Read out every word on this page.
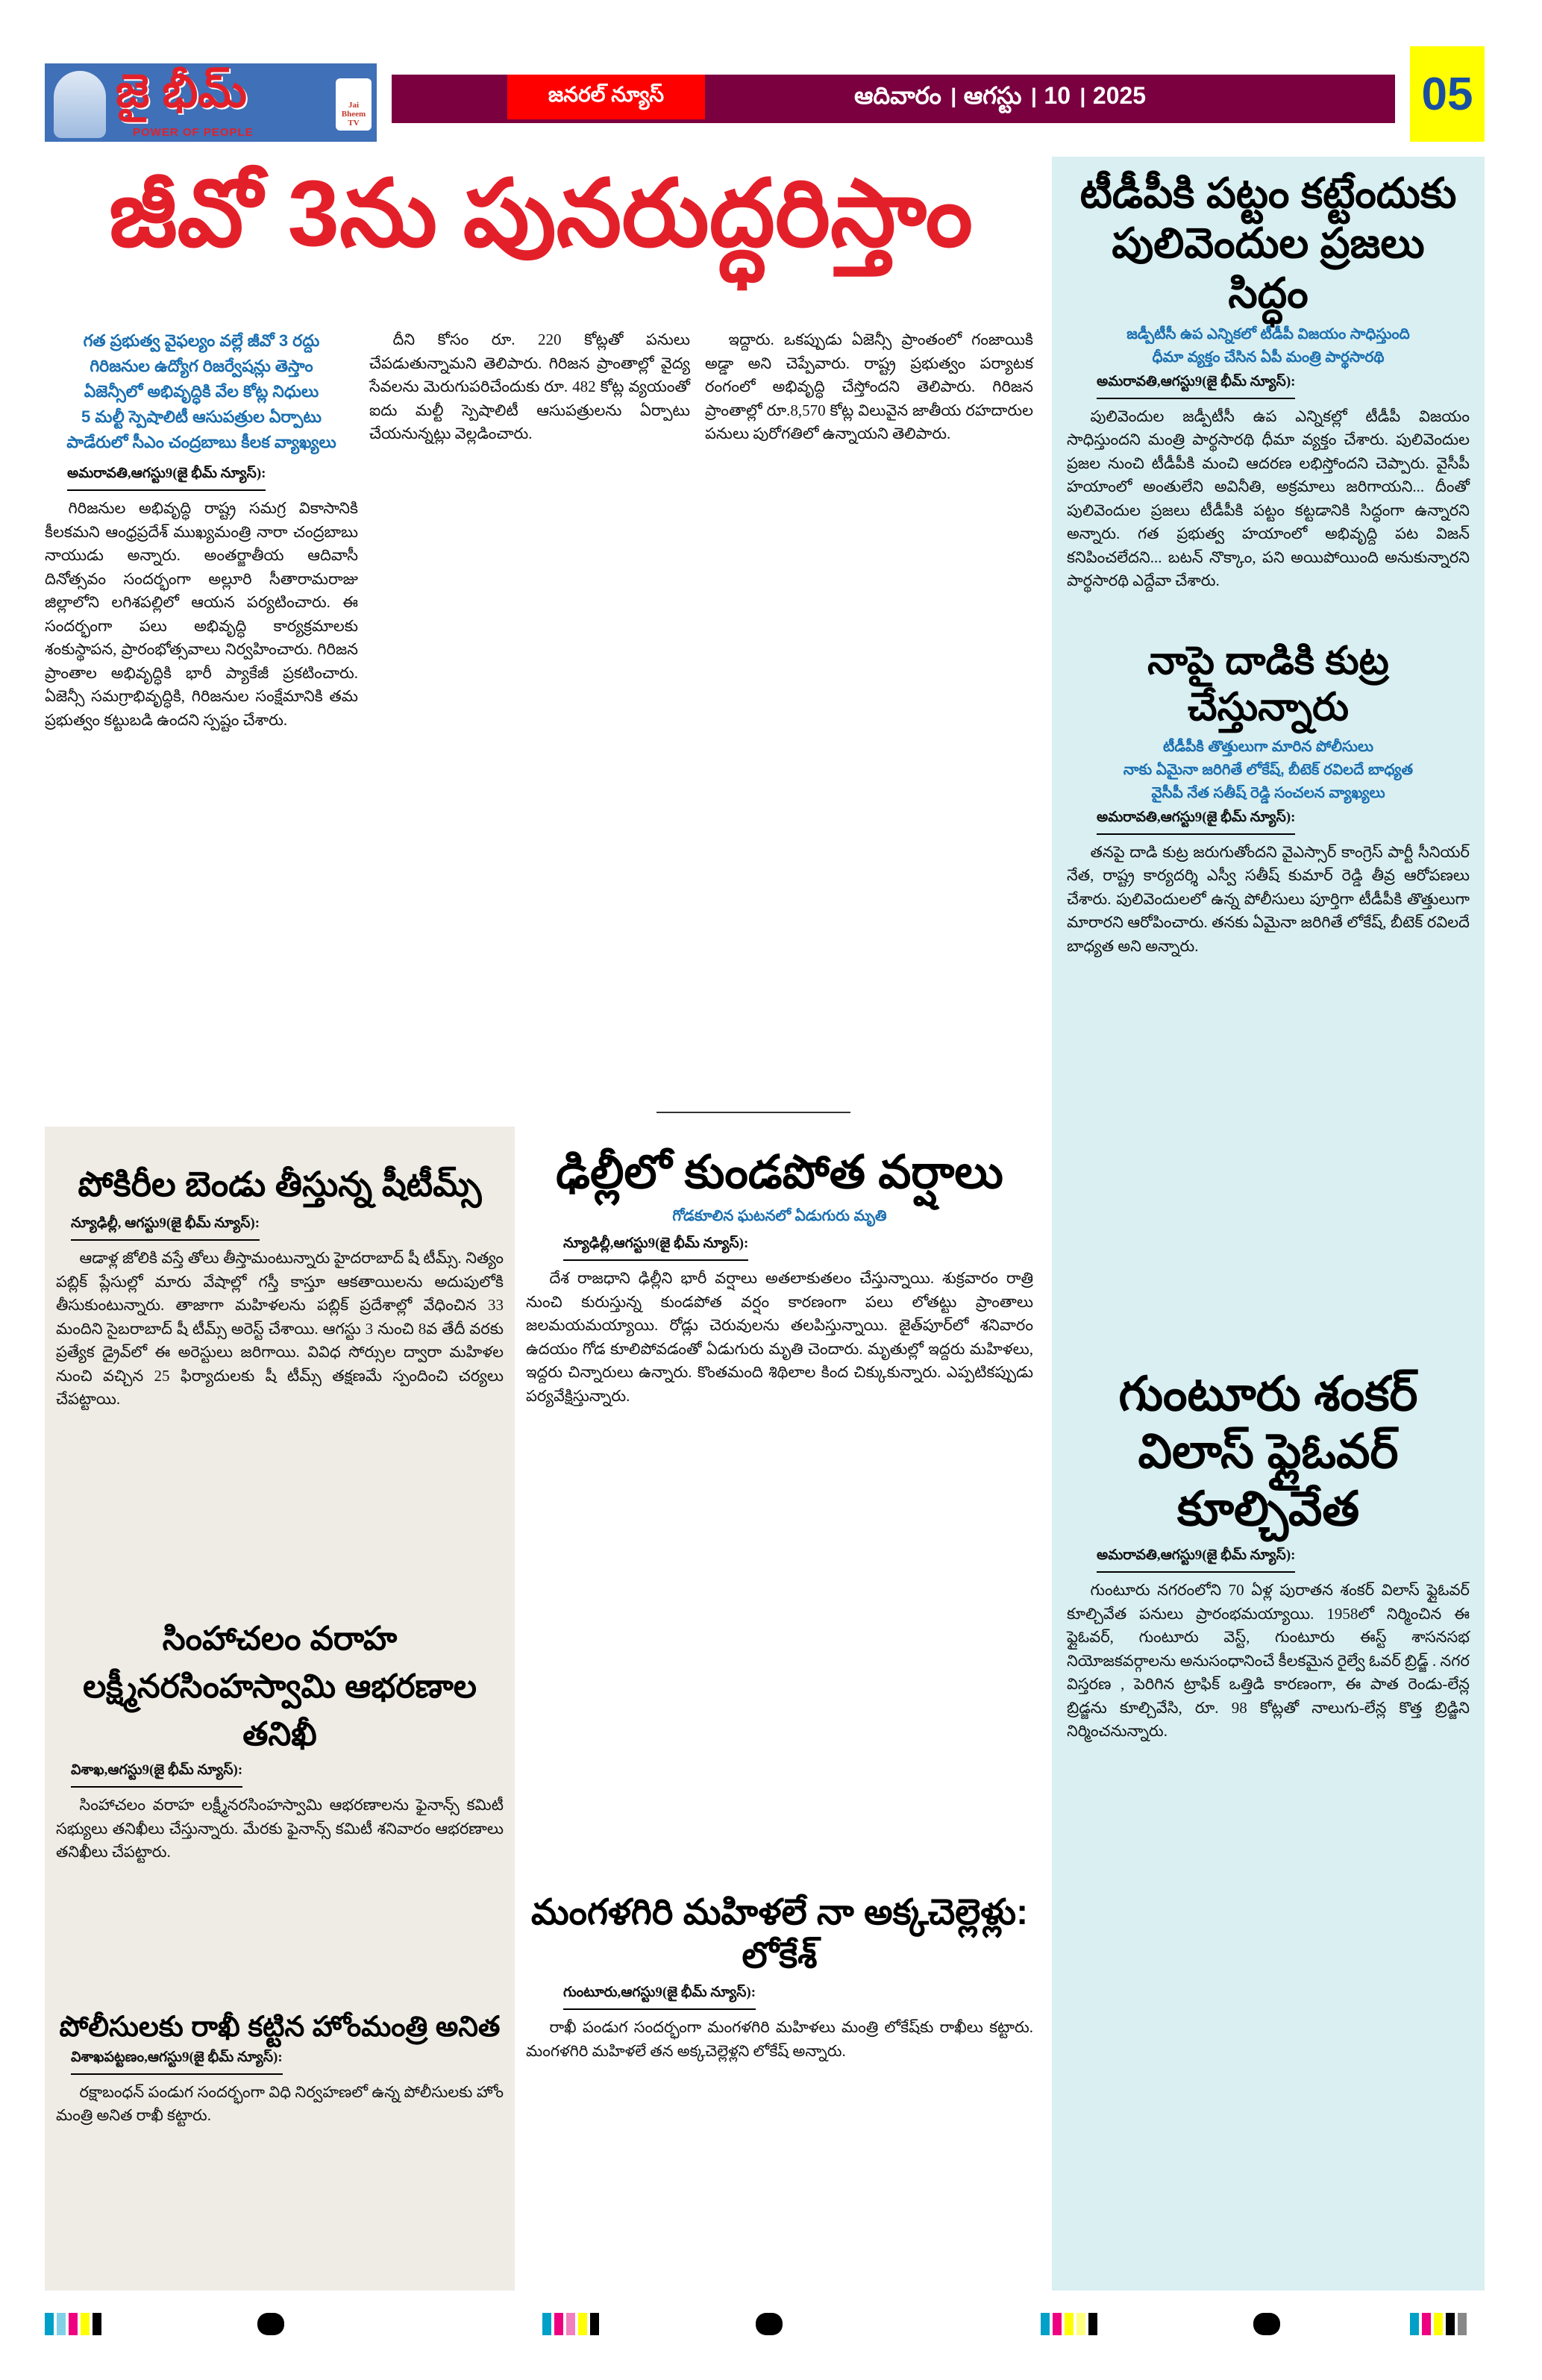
జై భీమ్
POWER OF PEOPLE
Jai Bheem TV
జనరల్ న్యూస్	ఆదివారం । ఆగస్టు । 10 । 2025	05
జీవో 3ను పునరుద్ధరిస్తాం
గత ప్రభుత్వ వైఫల్యం వల్లే జీవో 3 రద్దు
గిరిజనుల ఉద్యోగ రిజర్వేషన్లు తెస్తాం
ఏజెన్సీలో అభివృద్ధికి వేల కోట్ల నిధులు
5 మల్టీ స్పెషాలిటీ ఆసుపత్రుల ఏర్పాటు
పాడేరులో సీఎం చంద్రబాబు కీలక వ్యాఖ్యలు
అమరావతి,ఆగస్టు9(జై భీమ్ న్యూస్):

గిరిజనుల అభివృద్ధి రాష్ట్ర సమగ్ర వికాసానికి కీలకమని ఆంధ్రప్రదేశ్ ముఖ్యమంత్రి నారా చంద్రబాబు నాయుడు అన్నారు. అంతర్జాతీయ ఆదివాసీ దినోత్సవం సందర్భంగా అల్లూరి సీతారామరాజు జిల్లాలోని లగిశపల్లిలో ఆయన పర్యటించారు. ఈ సందర్భంగా పలు అభివృద్ధి కార్యక్రమాలకు శంకుస్థాపన, ప్రారంభోత్సవాలు నిర్వహించారు. గిరిజన ప్రాంతాల అభివృద్ధికి భారీ ప్యాకేజీ ప్రకటించారు. ఏజెన్సీ సమగ్రాభివృద్ధికి, గిరిజనుల సంక్షేమానికి తమ ప్రభుత్వం కట్టుబడి ఉందని స్పష్టం చేశారు.

దీని కోసం రూ. 220 కోట్లతో పనులు చేపడుతున్నామని తెలిపారు. గిరిజన ప్రాంతాల్లో వైద్య సేవలను మెరుగుపరిచేందుకు రూ. 482 కోట్ల వ్యయంతో ఐదు మల్టీ స్పెషాలిటీ ఆసుపత్రులను ఏర్పాటు చేయనున్నట్లు వెల్లడించారు.

ఇద్దారు. ఒకప్పుడు ఏజెన్సీ ప్రాంతంలో గంజాయికి అడ్డా అని చెప్పేవారు. రాష్ట్ర ప్రభుత్వం పర్యాటక రంగంలో అభివృద్ధి చేస్తోందని తెలిపారు. గిరిజన ప్రాంతాల్లో రూ.8,570 కోట్ల విలువైన జాతీయ రహదారుల పనులు పురోగతిలో ఉన్నాయని తెలిపారు.

టీడీపీకి పట్టం కట్టేందుకు పులివెందుల ప్రజలు సిద్ధం
జడ్పీటీసీ ఉప ఎన్నికలో టీడీపీ విజయం సాధిస్తుంది
ధీమా వ్యక్తం చేసిన ఏపీ మంత్రి పార్థసారథి
అమరావతి,ఆగస్టు9(జై భీమ్ న్యూస్):

పులివెందుల జడ్పీటీసీ ఉప ఎన్నికల్లో టీడీపీ విజయం సాధిస్తుందని మంత్రి పార్థసారథి ధీమా వ్యక్తం చేశారు. పులివెందుల ప్రజల నుంచి టీడీపీకి మంచి ఆదరణ లభిస్తోందని చెప్పారు. వైసీపీ హయాంలో అంతులేని అవినీతి, అక్రమాలు జరిగాయని... దీంతో పులివెందుల ప్రజలు టీడీపీకి పట్టం కట్టడానికి సిద్ధంగా ఉన్నారని అన్నారు. గత ప్రభుత్వ హయాంలో అభివృద్ది పట విజన్ కనిపించలేదని... బటన్ నొక్కాం, పని అయిపోయింది అనుకున్నారని పార్థసారథి ఎద్దేవా చేశారు.

నాపై దాడికి కుట్ర చేస్తున్నారు
టీడీపీకి తొత్తులుగా మారిన పోలీసులు
నాకు ఏమైనా జరిగితే లోకేష్, బీటెక్ రవిలదే బాధ్యత
వైసీపీ నేత సతీష్ రెడ్డి సంచలన వ్యాఖ్యలు
అమరావతి,ఆగస్టు9(జై భీమ్ న్యూస్):

తనపై దాడి కుట్ర జరుగుతోందని వైఎస్సార్ కాంగ్రెస్ పార్టీ సీనియర్ నేత, రాష్ట్ర కార్యదర్శి ఎస్వీ సతీష్ కుమార్ రెడ్డి తీవ్ర ఆరోపణలు చేశారు. పులివెందులలో ఉన్న పోలీసులు పూర్తిగా టీడీపీకి తొత్తులుగా మారారని ఆరోపించారు. తనకు ఏమైనా జరిగితే లోకేష్, బీటెక్ రవిలదే బాధ్యత అని అన్నారు.

గుంటూరు శంకర్ విలాస్ ఫ్లైఓవర్ కూల్చివేత
అమరావతి,ఆగస్టు9(జై భీమ్ న్యూస్):

గుంటూరు నగరంలోని 70 ఏళ్ల పురాతన శంకర్ విలాస్ ఫ్లైఓవర్ కూల్చివేత పనులు ప్రారంభమయ్యాయి. 1958లో నిర్మించిన ఈ ఫ్లైఓవర్, గుంటూరు వెస్ట్, గుంటూరు ఈస్ట్ శాసనసభ నియోజకవర్గాలను అనుసంధానించే కీలకమైన రైల్వే ఓవర్ బ్రిడ్జ్ . నగర విస్తరణ , పెరిగిన ట్రాఫిక్ ఒత్తిడి కారణంగా, ఈ పాత రెండు-లేన్ల బ్రిడ్జను కూల్చివేసి, రూ. 98 కోట్లతో నాలుగు-లేన్ల కొత్త బ్రిడ్జిని నిర్మించనున్నారు.

పోకిరీల బెండు తీస్తున్న షీటీమ్స్
న్యూఢిల్లీ, ఆగస్టు9(జై భీమ్ న్యూస్):

ఆడాళ్ల జోలికి వస్తే తోలు తీస్తామంటున్నారు హైదరాబాద్ షీ టీమ్స్. నిత్యం పబ్లిక్ ప్లేసుల్లో మారు వేషాల్లో గస్తీ కాస్తూ ఆకతాయిలను అదుపులోకి తీసుకుంటున్నారు. తాజాగా మహిళలను పబ్లిక్ ప్రదేశాల్లో వేధించిన 33 మందిని సైబరాబాద్ షీ టీమ్స్ అరెస్ట్ చేశాయి. ఆగస్టు 3 నుంచి 8వ తేదీ వరకు ప్రత్యేక డ్రైవ్‌లో ఈ అరెస్టులు జరిగాయి. వివిధ సోర్సుల ద్వారా మహిళల నుంచి వచ్చిన 25 ఫిర్యాదులకు షీ టీమ్స్ తక్షణమే స్పందించి చర్యలు చేపట్టాయి.

సింహాచలం వరాహ లక్ష్మీనరసింహస్వామి ఆభరణాల తనిఖీ
విశాఖ,ఆగస్టు9(జై భీమ్ న్యూస్):

సింహాచలం వరాహ లక్ష్మీనరసింహస్వామి ఆభరణాలను ఫైనాన్స్ కమిటీ సభ్యులు తనిఖీలు చేస్తున్నారు. మేరకు ఫైనాన్స్ కమిటీ శనివారం ఆభరణాలు తనిఖీలు చేపట్టారు.

పోలీసులకు రాఖీ కట్టిన హోంమంత్రి అనిత
విశాఖపట్టణం,ఆగస్టు9(జై భీమ్ న్యూస్):

రక్షాబంధన్ పండుగ సందర్భంగా విధి నిర్వహణలో ఉన్న పోలీసులకు హోం మంత్రి అనిత రాఖీ కట్టారు.

ఢిల్లీలో కుండపోత వర్షాలు
గోడకూలిన ఘటనలో ఏడుగురు మృతి
న్యూఢిల్లీ,ఆగస్టు9(జై భీమ్ న్యూస్):

దేశ రాజధాని ఢిల్లీని భారీ వర్షాలు అతలాకుతలం చేస్తున్నాయి. శుక్రవారం రాత్రి నుంచి కురుస్తున్న కుండపోత వర్షం కారణంగా పలు లోతట్టు ప్రాంతాలు జలమయమయ్యాయి. రోడ్లు చెరువులను తలపిస్తున్నాయి. జైత్‌పూర్‌లో శనివారం ఉదయం గోడ కూలిపోవడంతో ఏడుగురు మృతి చెందారు. మృతుల్లో ఇద్దరు మహిళలు, ఇద్దరు చిన్నారులు ఉన్నారు. కొంతమంది శిథిలాల కింద చిక్కుకున్నారు. ఎప్పటికప్పుడు పర్యవేక్షిస్తున్నారు.

మంగళగిరి మహిళలే నా అక్కచెల్లెళ్లు: లోకేశ్
గుంటూరు,ఆగస్టు9(జై భీమ్ న్యూస్):

రాఖీ పండుగ సందర్భంగా మంగళగిరి మహిళలు మంత్రి లోకేష్‌కు రాఖీలు కట్టారు. మంగళగిరి మహిళలే తన అక్కచెల్లెళ్లని లోకేష్ అన్నారు.
